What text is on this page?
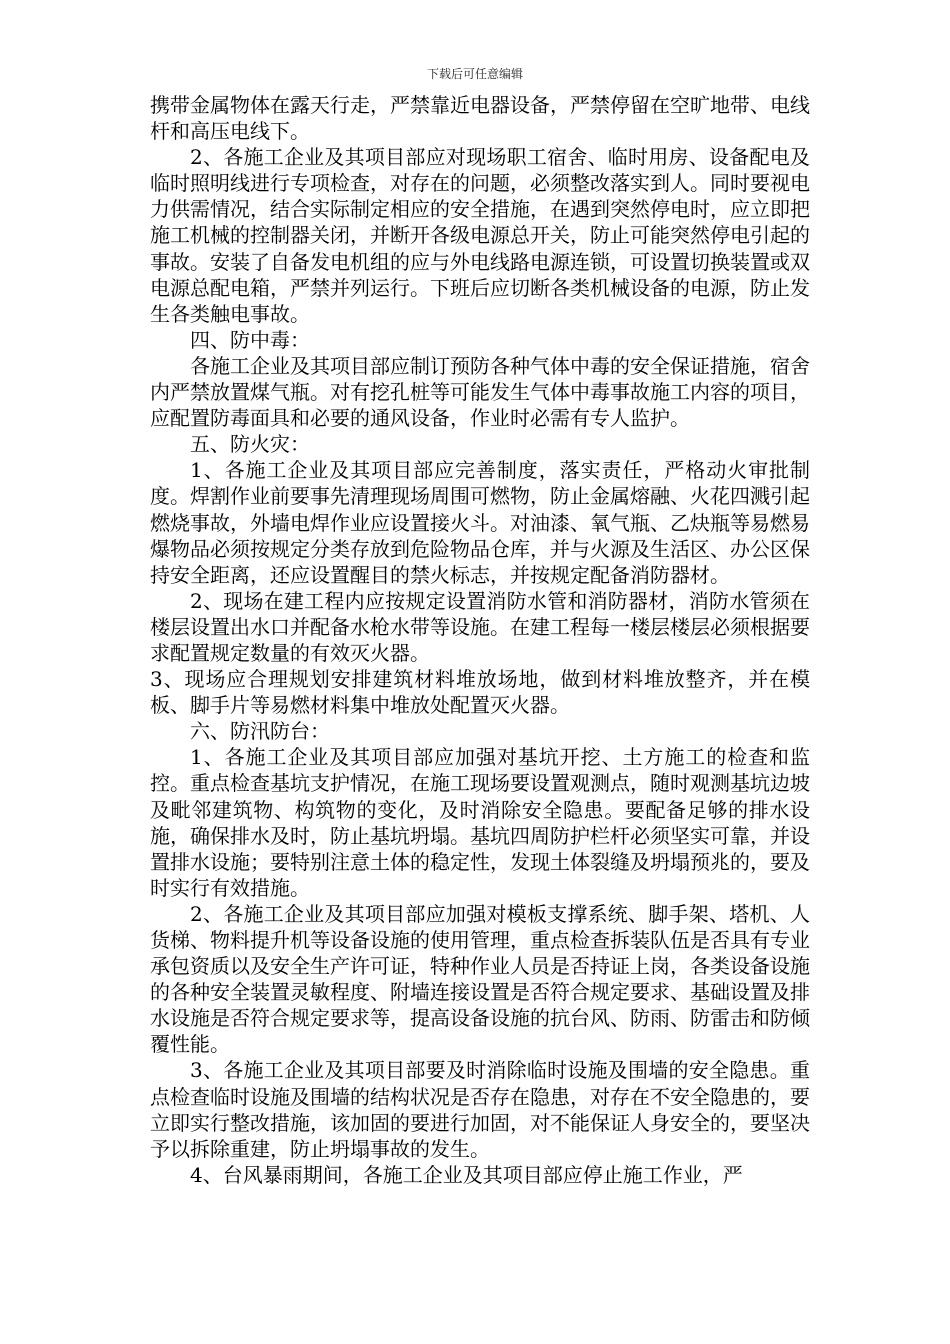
下载后可任意编辑

携带金属物体在露天行走，严禁靠近电器设备，严禁停留在空旷地带、电线杆和高压电线下。

2、各施工企业及其项目部应对现场职工宿舍、临时用房、设备配电及临时照明线进行专项检查，对存在的问题，必须整改落实到人。同时要视电力供需情况，结合实际制定相应的安全措施，在遇到突然停电时，应立即把施工机械的控制器关闭，并断开各级电源总开关，防止可能突然停电引起的事故。安装了自备发电机组的应与外电线路电源连锁，可设置切换装置或双电源总配电箱，严禁并列运行。下班后应切断各类机械设备的电源，防止发生各类触电事故。

四、防中毒：

各施工企业及其项目部应制订预防各种气体中毒的安全保证措施，宿舍内严禁放置煤气瓶。对有挖孔桩等可能发生气体中毒事故施工内容的项目，应配置防毒面具和必要的通风设备，作业时必需有专人监护。

五、防火灾：

1、各施工企业及其项目部应完善制度，落实责任，严格动火审批制度。焊割作业前要事先清理现场周围可燃物，防止金属熔融、火花四溅引起燃烧事故，外墙电焊作业应设置接火斗。对油漆、氧气瓶、乙炔瓶等易燃易爆物品必须按规定分类存放到危险物品仓库，并与火源及生活区、办公区保持安全距离，还应设置醒目的禁火标志，并按规定配备消防器材。

2、现场在建工程内应按规定设置消防水管和消防器材，消防水管须在楼层设置出水口并配备水枪水带等设施。在建工程每一楼层楼层必须根据要求配置规定数量的有效灭火器。

3、现场应合理规划安排建筑材料堆放场地，做到材料堆放整齐，并在模板、脚手片等易燃材料集中堆放处配置灭火器。

六、防汛防台：

1、各施工企业及其项目部应加强对基坑开挖、土方施工的检查和监控。重点检查基坑支护情况，在施工现场要设置观测点，随时观测基坑边坡及毗邻建筑物、构筑物的变化，及时消除安全隐患。要配备足够的排水设施，确保排水及时，防止基坑坍塌。基坑四周防护栏杆必须坚实可靠，并设置排水设施；要特别注意土体的稳定性，发现土体裂缝及坍塌预兆的，要及时实行有效措施。

2、各施工企业及其项目部应加强对模板支撑系统、脚手架、塔机、人货梯、物料提升机等设备设施的使用管理，重点检查拆装队伍是否具有专业承包资质以及安全生产许可证，特种作业人员是否持证上岗，各类设备设施的各种安全装置灵敏程度、附墙连接设置是否符合规定要求、基础设置及排水设施是否符合规定要求等，提高设备设施的抗台风、防雨、防雷击和防倾覆性能。

3、各施工企业及其项目部要及时消除临时设施及围墙的安全隐患。重点检查临时设施及围墙的结构状况是否存在隐患，对存在不安全隐患的，要立即实行整改措施，该加固的要进行加固，对不能保证人身安全的，要坚决予以拆除重建，防止坍塌事故的发生。

4、台风暴雨期间，各施工企业及其项目部应停止施工作业，严
